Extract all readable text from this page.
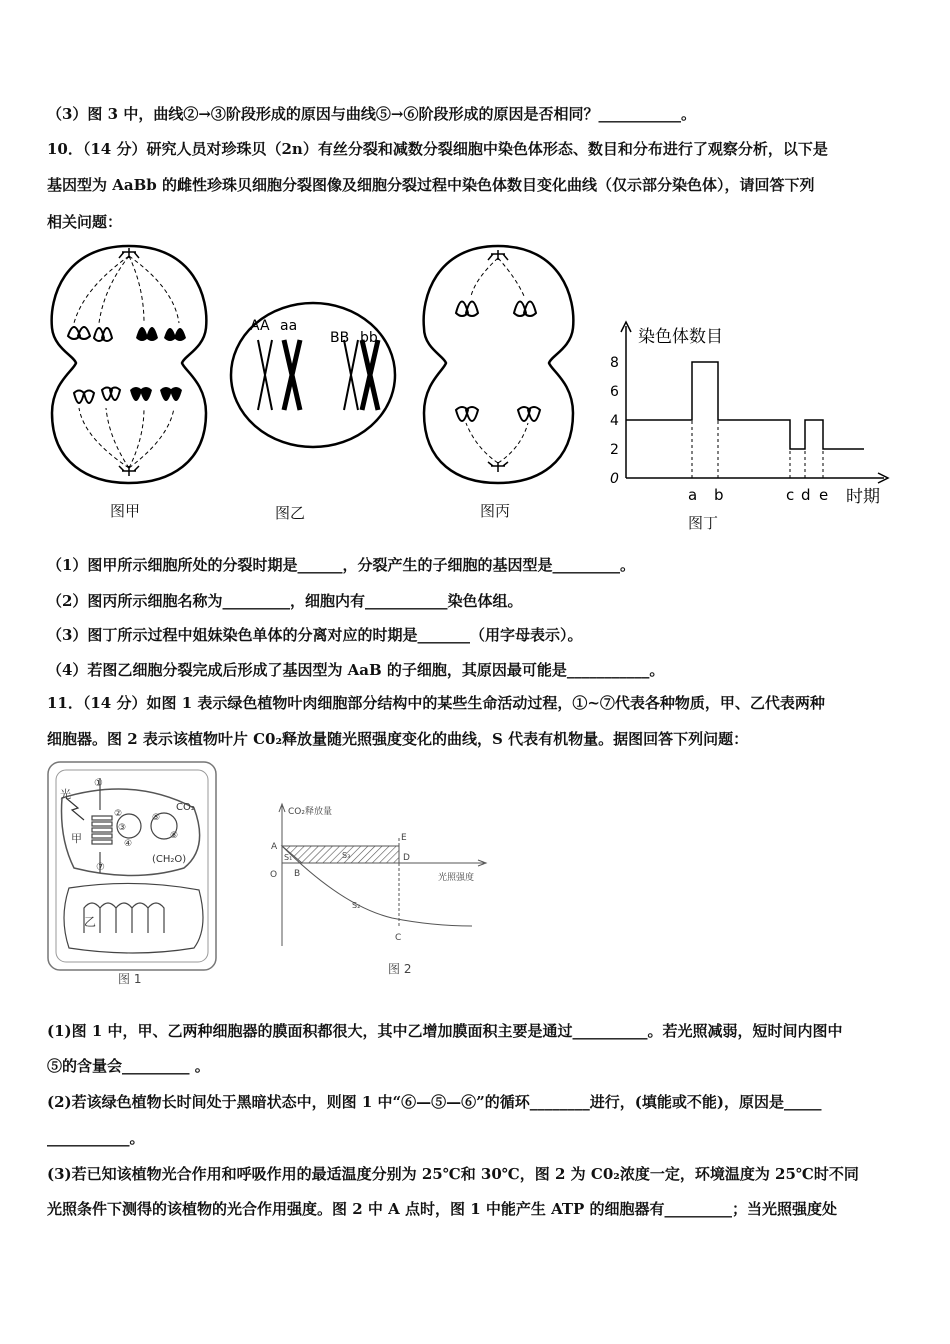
（3）图 3 中，曲线②→③阶段形成的原因与曲线⑤→⑥阶段形成的原因是否相同？___________。
10．（14 分）研究人员对珍珠贝（2n）有丝分裂和减数分裂细胞中染色体形态、数目和分布进行了观察分析，以下是
基因型为 AaBb 的雌性珍珠贝细胞分裂图像及细胞分裂过程中染色体数目变化曲线（仅示部分染色体），请回答下列
相关问题：
图甲
AA aa
BB bb
图乙	图丙
染色体数目
时期
0
2
4
6
8
a b	c d e
图丁
（1）图甲所示细胞所处的分裂时期是______，分裂产生的子细胞的基因型是_________。
（2）图丙所示细胞名称为_________，细胞内有___________染色体组。
（3）图丁所示过程中姐妹染色单体的分离对应的时期是_______（用字母表示）。
（4）若图乙细胞分裂完成后形成了基因型为 AaB 的子细胞，其原因最可能是___________。
11．（14 分）如图 1 表示绿色植物叶肉细胞部分结构中的某些生命活动过程，①~⑦代表各种物质，甲、乙代表两种
细胞器。图 2 表示该植物叶片 C0₂释放量随光照强度变化的曲线，S 代表有机物量。据图回答下列问题：
光
甲
乙
CO₂
(CH₂O)
①
②
③
④
⑤
⑥
⑦
图 1
CO₂释放量
光照强度
A
B
C
D
E
O
S₁
S₂
S₃
图 2
(1)图 1 中，甲、乙两种细胞器的膜面积都很大，其中乙增加膜面积主要是通过__________。若光照减弱，短时间内图中
⑤的含量会_________ 。
(2)若该绿色植物长时间处于黑暗状态中，则图 1 中“⑥—⑤—⑥”的循环________进行，(填能或不能)，原因是_____
___________。
(3)若已知该植物光合作用和呼吸作用的最适温度分别为 25℃和 30℃，图 2 为 C0₂浓度一定，环境温度为 25℃时不同
光照条件下测得的该植物的光合作用强度。图 2 中 A 点时，图 1 中能产生 ATP 的细胞器有_________；当光照强度处
